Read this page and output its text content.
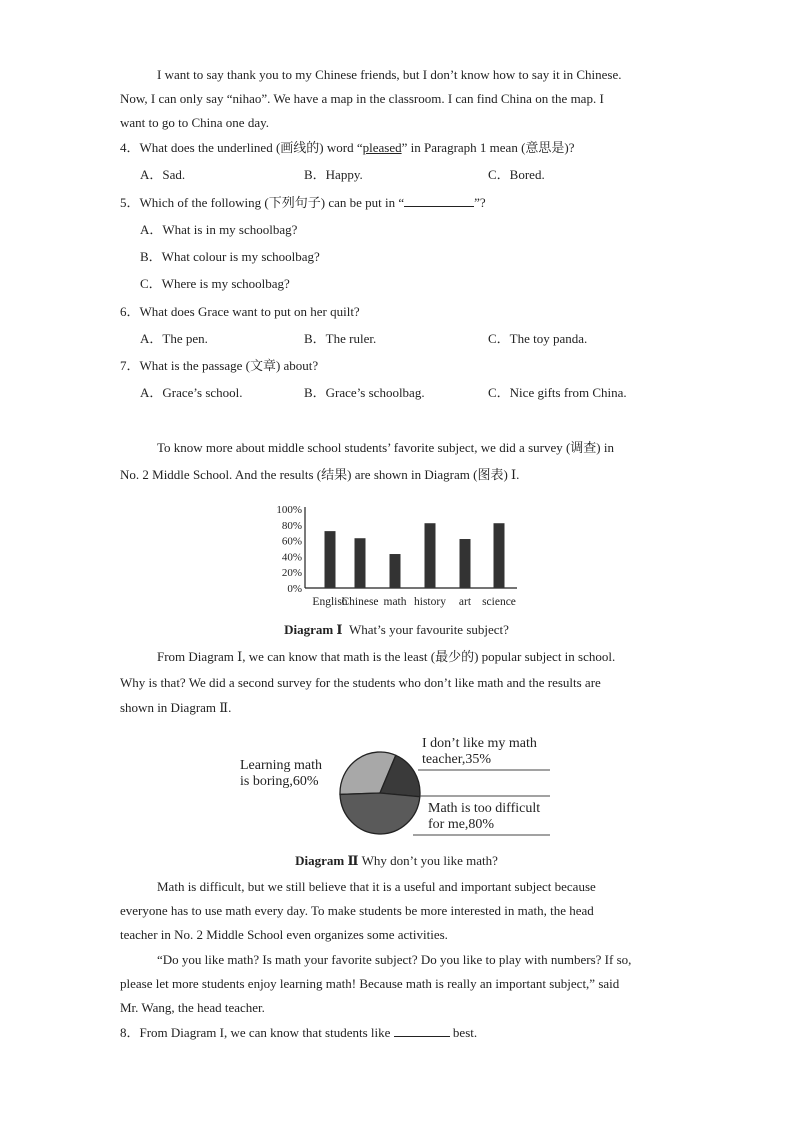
I want to say thank you to my Chinese friends, but I don’t know how to say it in Chinese.
Now, I can only say “nihao”. We have a map in the classroom. I can find China on the map. I
want to go to China one day.
4．What does the underlined (画线的) word “pleased” in Paragraph 1 mean (意思是)?
A．Sad.	B．Happy.	C．Bored.
5．Which of the following (下列句子) can be put in “	”?
A．What is in my schoolbag?
B．What colour is my schoolbag?
C．Where is my schoolbag?
6．What does Grace want to put on her quilt?
A．The pen.	B．The ruler.	C．The toy panda.
7．What is the passage (文章) about?
A．Grace’s school.	B．Grace’s schoolbag.	C．Nice gifts from China.
To know more about middle school students’ favorite subject, we did a survey (调查) in
No. 2 Middle School. And the results (结果) are shown in Diagram (图表) Ⅰ.
100%
80%
60%
40%
20%
0%
English
Chinese math history art science
Diagram Ⅰ What’s your favourite subject?
From Diagram Ⅰ, we can know that math is the least (最少的) popular subject in school.
Why is that? We did a second survey for the students who don’t like math and the results are
shown in Diagram Ⅱ.
Learning math
is boring,60%
I don’t like my math
teacher,35%
Math is too difficult
for me,80%
Diagram Ⅱ Why don’t you like math?
Math is difficult, but we still believe that it is a useful and important subject because
everyone has to use math every day. To make students be more interested in math, the head
teacher in No. 2 Middle School even organizes some activities.
“Do you like math? Is math your favorite subject? Do you like to play with numbers? If so,
please let more students enjoy learning math! Because math is really an important subject,” said
Mr. Wang, the head teacher.
8．From Diagram I, we can know that students like	best.
